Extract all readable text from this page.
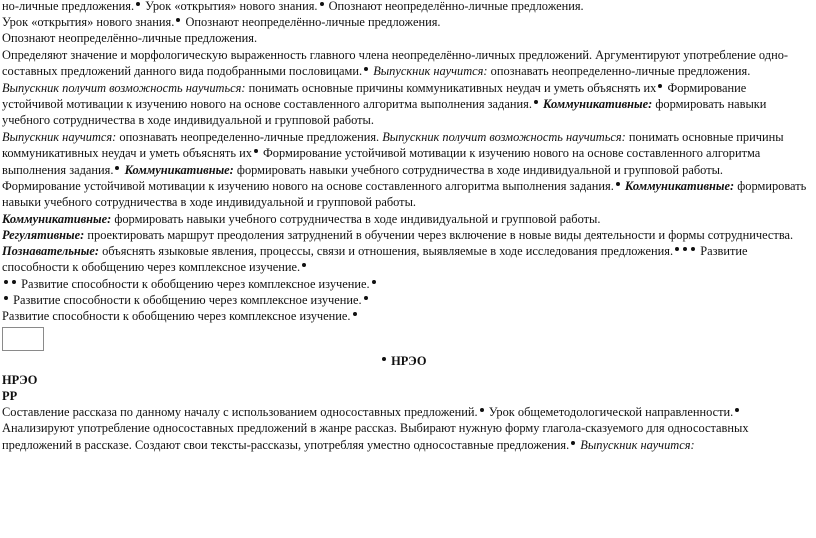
но-личные предложения. Урок «открытия» нового знания. Опознают неопределённо-личные предложения.

Урок «открытия» нового знания. Опознают неопределённо-личные предложения.

Опознают неопределённо-личные предложения.

Определяют значение и морфологическую выраженность главного члена неопределённо-личных предложений. Аргументируют употребление одно-составных предложений данного вида подобранными пословицами. Выпускник научится: опознавать неопределенно-личные предложения. Выпускник получит возможность научиться: понимать основные причины коммуникативных неудач и уметь объяснять их Формирование устойчивой мотивации к изучению нового на основе составленного алгоритма выполнения задания. Коммуникативные: формировать навыки учебного сотрудничества в ходе индивидуальной и групповой работы.

Выпускник научится: опознавать неопределенно-личные предложения. Выпускник получит возможность научиться: понимать основные причины коммуникативных неудач и уметь объяснять их Формирование устойчивой мотивации к изучению нового на основе составленного алгоритма выполнения задания. Коммуникативные: формировать навыки учебного сотрудничества в ходе индивидуальной и групповой работы.

Формирование устойчивой мотивации к изучению нового на основе составленного алгоритма выполнения задания. Коммуникативные: формировать навыки учебного сотрудничества в ходе индивидуальной и групповой работы.

Коммуникативные: формировать навыки учебного сотрудничества в ходе индивидуальной и групповой работы.

Регулятивные: проектировать маршрут преодоления затруднений в обучении через включение в новые виды деятельности и формы сотрудничества.

Познавательные: объяснять языковые явления, процессы, связи и отношения, выявляемые в ходе исследования предложения. Развитие способности к обобщению через комплексное изучение.

Развитие способности к обобщению через комплексное изучение.

Развитие способности к обобщению через комплексное изучение.

Развитие способности к обобщению через комплексное изучение.

НРЭО

НРЭО

РР

Составление рассказа по данному началу с использованием односоставных предложений. Урок общеметодологической направленности. Анализируют употребление односоставных предложений в жанре рассказ. Выбирают нужную форму глагола-сказуемого для односоставных предложений в рассказе. Создают свои тексты-рассказы, употребляя уместно односоставные предложения. Выпускник научится:
